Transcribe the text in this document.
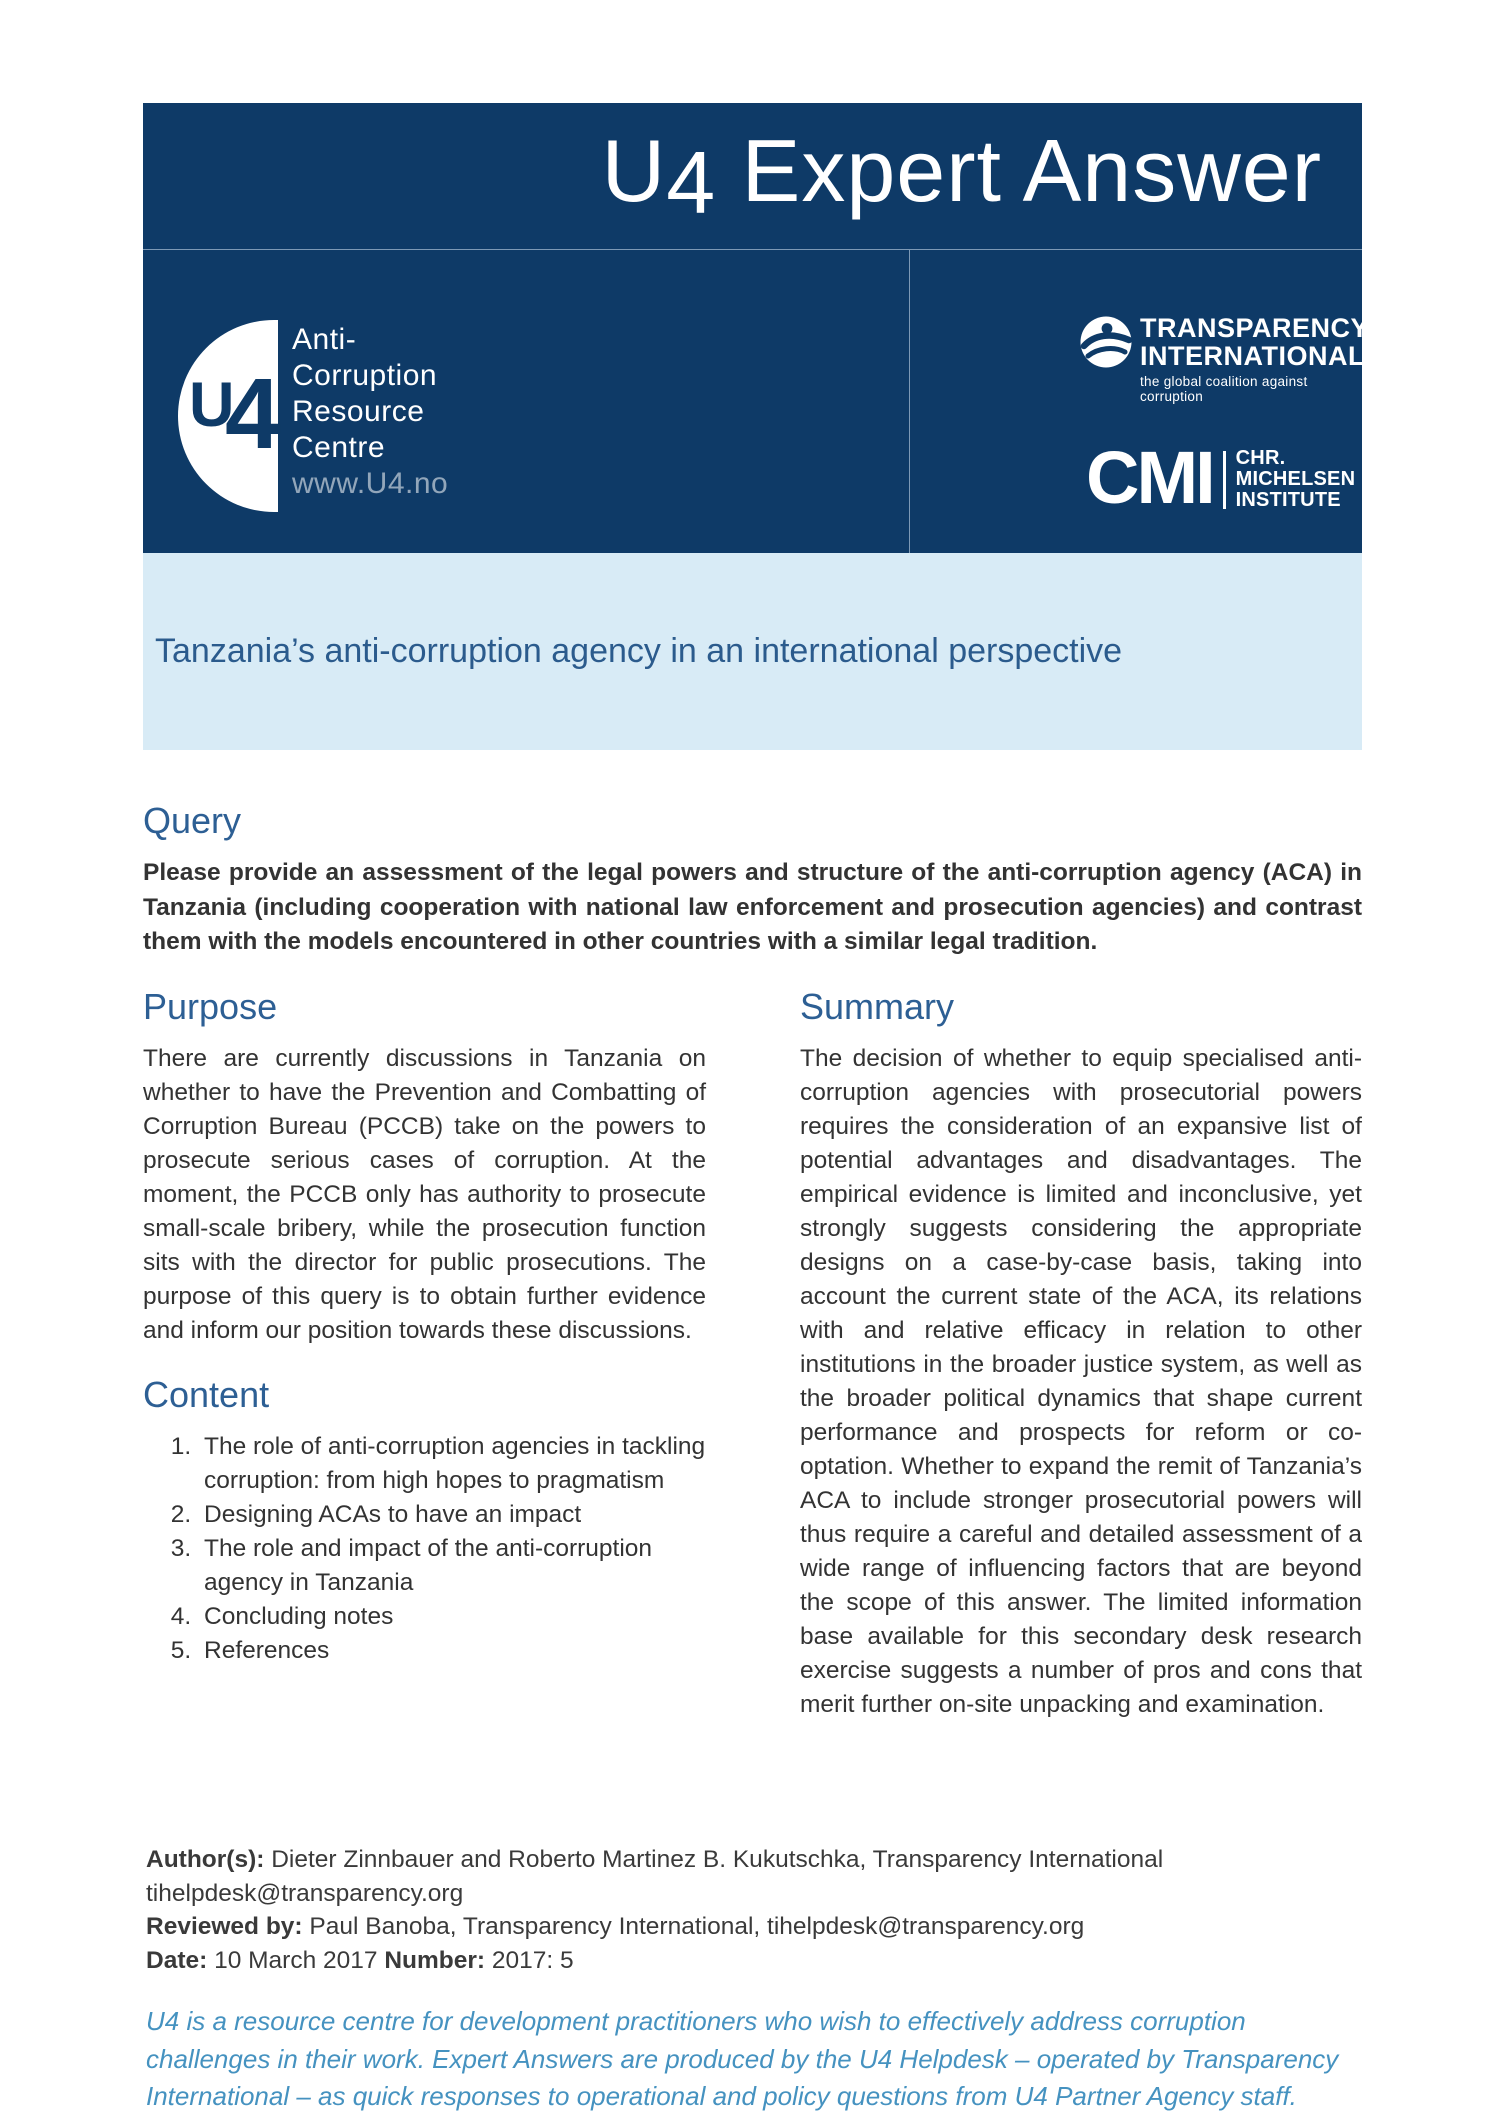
U4 Expert Answer
U
4
Anti-
Corruption
Resource
Centre
www.U4.no
TRANSPARENCY
INTERNATIONAL
the global coalition against corruption
CMI CHR.
MICHELSEN
INSTITUTE
Tanzania’s anti-corruption agency in an international perspective
Query

Please provide an assessment of the legal powers and structure of the anti-corruption agency (ACA) in Tanzania (including cooperation with national law enforcement and prosecution agencies) and contrast them with the models encountered in other countries with a similar legal tradition.

Purpose

There are currently discussions in Tanzania on whether to have the Prevention and Combatting of Corruption Bureau (PCCB) take on the powers to prosecute serious cases of corruption. At the moment, the PCCB only has authority to prosecute small-scale bribery, while the prosecution function sits with the director for public prosecutions. The purpose of this query is to obtain further evidence and inform our position towards these discussions.

Content
1. The role of anti-corruption agencies in tackling corruption: from high hopes to pragmatism
2. Designing ACAs to have an impact
3. The role and impact of the anti-corruption agency in Tanzania
4. Concluding notes
5. References
Summary

The decision of whether to equip specialised anti-corruption agencies with prosecutorial powers requires the consideration of an expansive list of potential advantages and disadvantages. The empirical evidence is limited and inconclusive, yet strongly suggests considering the appropriate designs on a case-by-case basis, taking into account the current state of the ACA, its relations with and relative efficacy in relation to other institutions in the broader justice system, as well as the broader political dynamics that shape current performance and prospects for reform or co-optation. Whether to expand the remit of Tanzania’s ACA to include stronger prosecutorial powers will thus require a careful and detailed assessment of a wide range of influencing factors that are beyond the scope of this answer. The limited information base available for this secondary desk research exercise suggests a number of pros and cons that merit further on-site unpacking and examination.

Author(s): Dieter Zinnbauer and Roberto Martinez B. Kukutschka, Transparency International
tihelpdesk@transparency.org
Reviewed by: Paul Banoba, Transparency International, tihelpdesk@transparency.org
Date: 10 March 2017 Number: 2017: 5
U4 is a resource centre for development practitioners who wish to effectively address corruption challenges in their work. Expert Answers are produced by the U4 Helpdesk – operated by Transparency International – as quick responses to operational and policy questions from U4 Partner Agency staff.
